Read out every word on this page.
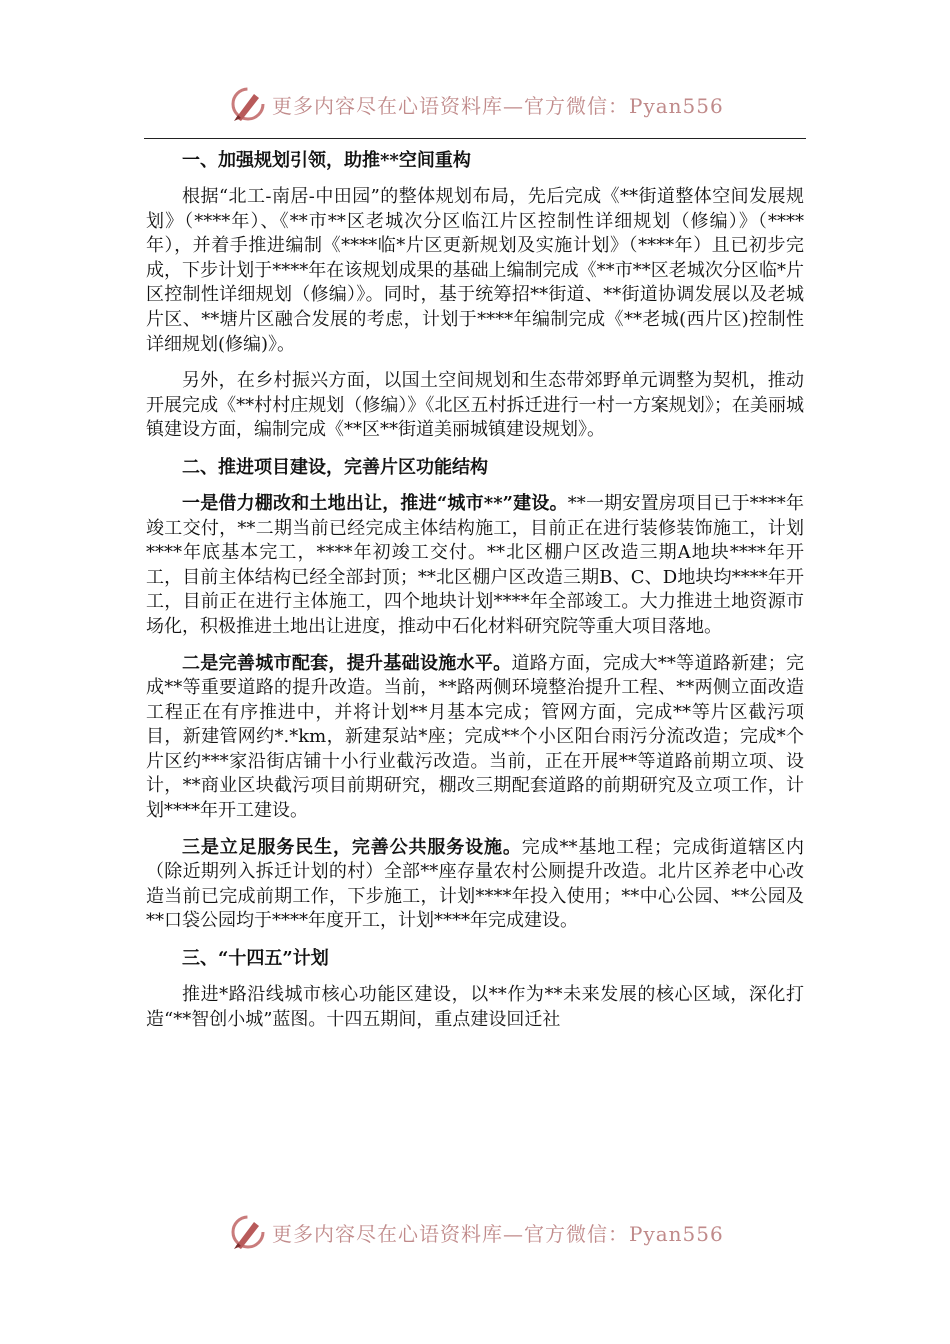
更多内容尽在心语资料库—官方微信：Pyan556

一、加强规划引领，助推**空间重构

根据“北工-南居-中田园”的整体规划布局，先后完成《**街道整体空间发展规划》（****年）、《**市**区老城次分区临江片区控制性详细规划（修编）》（****年），并着手推进编制《****临*片区更新规划及实施计划》（****年）且已初步完成，下步计划于****年在该规划成果的基础上编制完成《**市**区老城次分区临*片区控制性详细规划（修编）》。同时，基于统筹招**街道、**街道协调发展以及老城片区、**塘片区融合发展的考虑，计划于****年编制完成《**老城(西片区)控制性详细规划(修编)》。

另外，在乡村振兴方面，以国土空间规划和生态带郊野单元调整为契机，推动开展完成《**村村庄规划（修编）》《北区五村拆迁进行一村一方案规划》；在美丽城镇建设方面，编制完成《**区**街道美丽城镇建设规划》。

二、推进项目建设，完善片区功能结构

一是借力棚改和土地出让，推进“城市**”建设。**一期安置房项目已于****年竣工交付，**二期当前已经完成主体结构施工，目前正在进行装修装饰施工，计划****年底基本完工，****年初竣工交付。**北区棚户区改造三期A地块****年开工，目前主体结构已经全部封顶；**北区棚户区改造三期B、C、D地块均****年开工，目前正在进行主体施工，四个地块计划****年全部竣工。大力推进土地资源市场化，积极推进土地出让进度，推动中石化材料研究院等重大项目落地。

二是完善城市配套，提升基础设施水平。道路方面，完成大**等道路新建；完成**等重要道路的提升改造。当前，**路两侧环境整治提升工程、**两侧立面改造工程正在有序推进中，并将计划**月基本完成；管网方面，完成**等片区截污项目，新建管网约*.*km，新建泵站*座；完成**个小区阳台雨污分流改造；完成*个片区约***家沿街店铺十小行业截污改造。当前，正在开展**等道路前期立项、设计，**商业区块截污项目前期研究，棚改三期配套道路的前期研究及立项工作，计划****年开工建设。

三是立足服务民生，完善公共服务设施。完成**基地工程；完成街道辖区内（除近期列入拆迁计划的村）全部**座存量农村公厕提升改造。北片区养老中心改造当前已完成前期工作，下步施工，计划****年投入使用；**中心公园、**公园及**口袋公园均于****年度开工，计划****年完成建设。

三、“十四五”计划

推进*路沿线城市核心功能区建设，以**作为**未来发展的核心区域，深化打造“**智创小城”蓝图。十四五期间，重点建设回迁社

更多内容尽在心语资料库—官方微信：Pyan556
